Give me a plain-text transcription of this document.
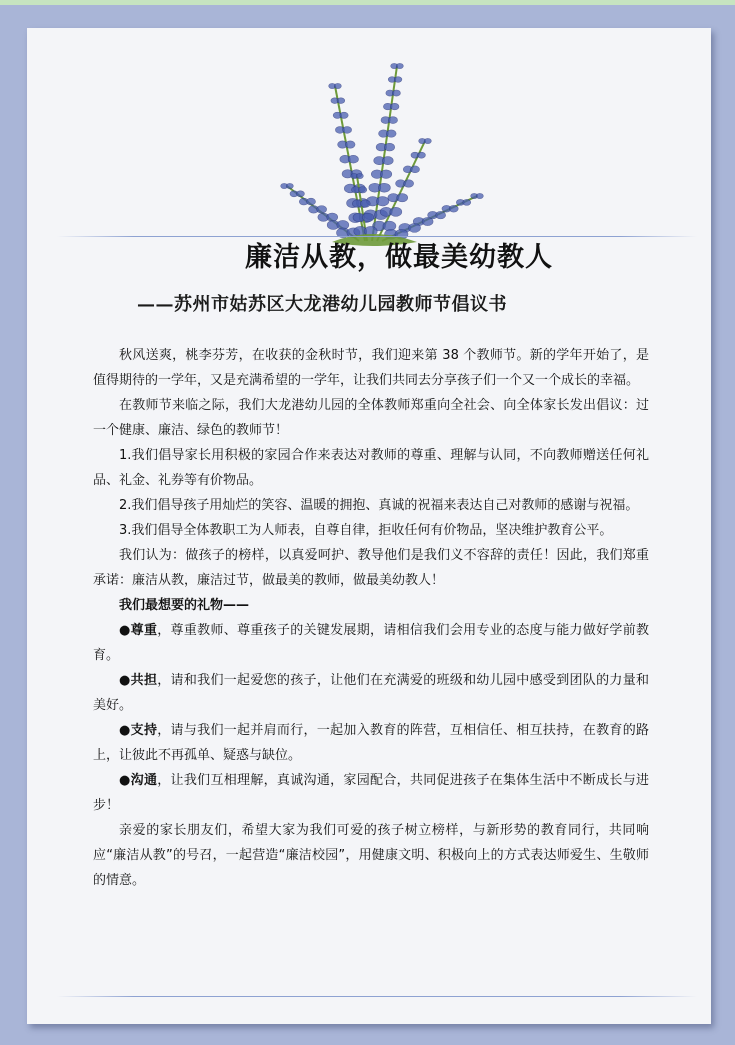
廉洁从教，做最美幼教人
——苏州市姑苏区大龙港幼儿园教师节倡议书

秋风送爽，桃李芬芳，在收获的金秋时节，我们迎来第 38 个教师节。新的学年开始了，是值得期待的一学年，又是充满希望的一学年，让我们共同去分享孩子们一个又一个成长的幸福。

在教师节来临之际，我们大龙港幼儿园的全体教师郑重向全社会、向全体家长发出倡议：过一个健康、廉洁、绿色的教师节！

1.我们倡导家长用积极的家园合作来表达对教师的尊重、理解与认同，不向教师赠送任何礼品、礼金、礼券等有价物品。

2.我们倡导孩子用灿烂的笑容、温暖的拥抱、真诚的祝福来表达自己对教师的感谢与祝福。

3.我们倡导全体教职工为人师表，自尊自律，拒收任何有价物品，坚决维护教育公平。

我们认为：做孩子的榜样，以真爱呵护、教导他们是我们义不容辞的责任！因此，我们郑重承诺：廉洁从教，廉洁过节，做最美的教师，做最美幼教人！

我们最想要的礼物——

●尊重，尊重教师、尊重孩子的关键发展期，请相信我们会用专业的态度与能力做好学前教育。

●共担，请和我们一起爱您的孩子，让他们在充满爱的班级和幼儿园中感受到团队的力量和美好。

●支持，请与我们一起并肩而行，一起加入教育的阵营，互相信任、相互扶持，在教育的路上，让彼此不再孤单、疑惑与缺位。

●沟通，让我们互相理解，真诚沟通，家园配合，共同促进孩子在集体生活中不断成长与进步！

亲爱的家长朋友们，希望大家为我们可爱的孩子树立榜样，与新形势的教育同行，共同响应“廉洁从教”的号召，一起营造“廉洁校园”，用健康文明、积极向上的方式表达师爱生、生敬师的情意。
